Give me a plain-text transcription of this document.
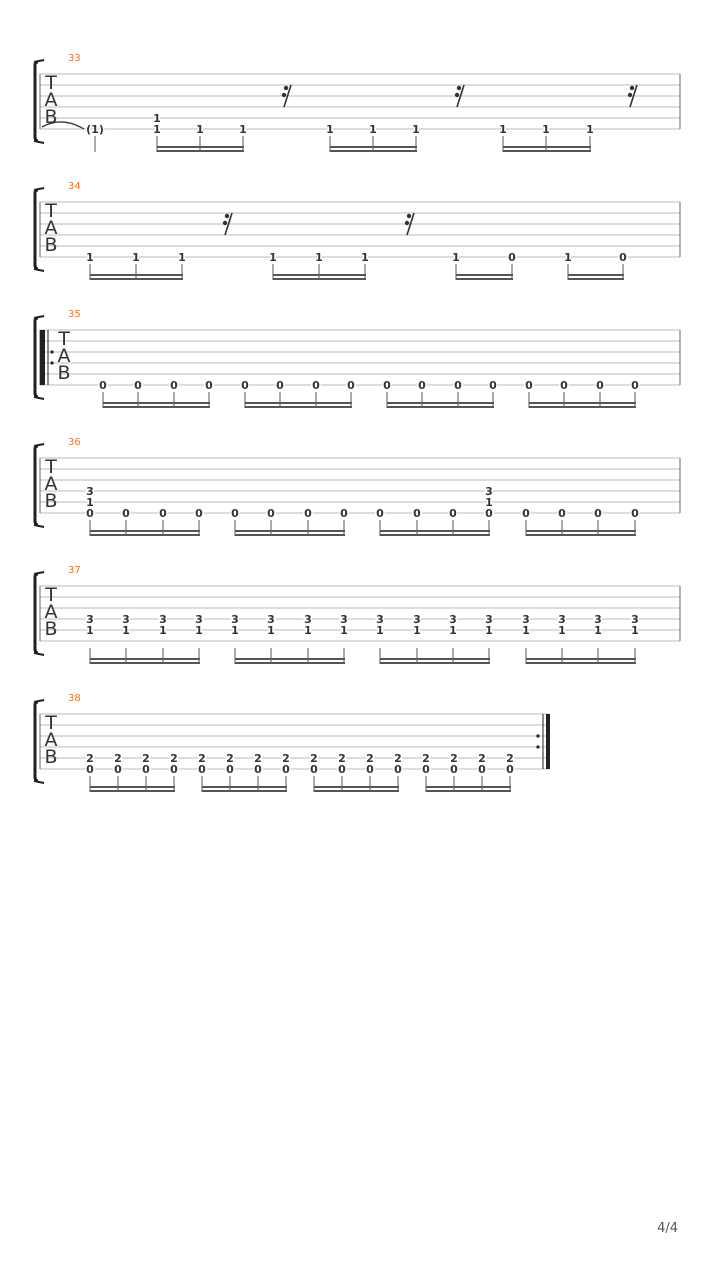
T
A
B
33
(1)
1
1	1	1	1	1	1	1	1	1
T
A
B
34
1	1	1	1	1	1	1	0	1	0
T
A
B
35
0 0	0 0	0 0	0 0	0 0	0 0	0 0	0 0
T
A
B
36
3
1
0	0	0	0	0	0	0	0	0	0	0
3
1
0	0	0	0	0
T
A
B
37
3
1
3
1
3
1
3
1
3
1
3
1
3
1
3
1
3
1
3
1
3
1
3
1
3
1
3
1
3
1
3
1
T
A
B
38
2
0
2
0
2
0
2
0
2
0
2
0
2
0
2
0
2
0
2
0
2
0
2
0
2
0
2
0
2
0
2
0
4/4
